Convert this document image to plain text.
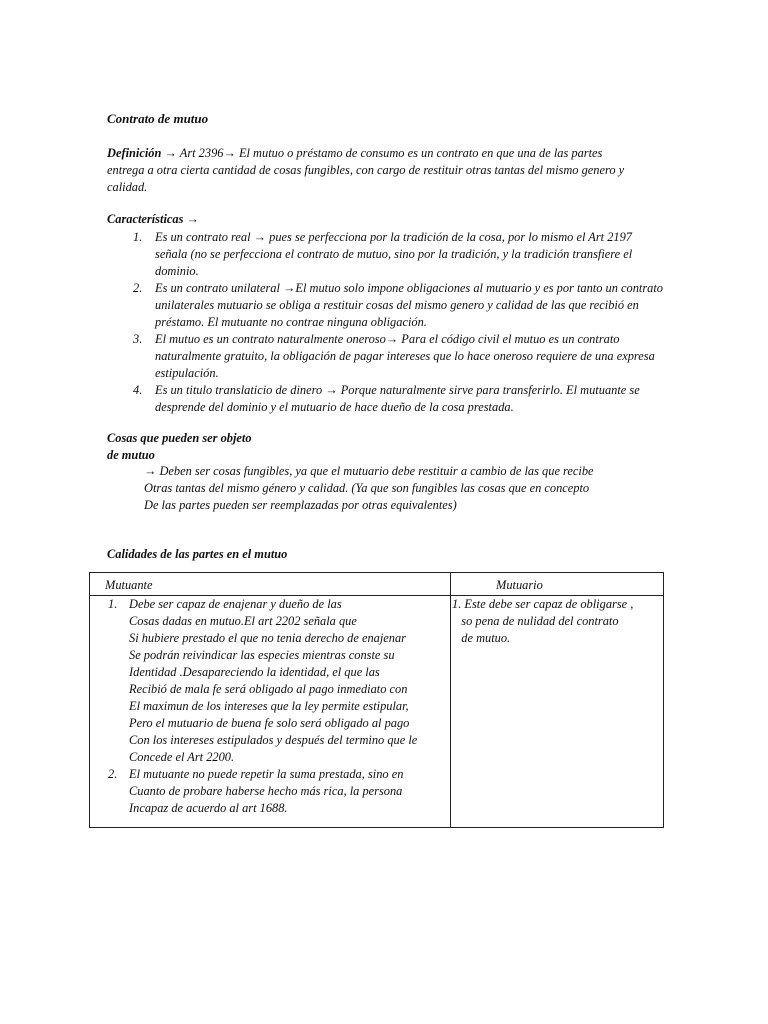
Contrato de mutuo
Definición → Art 2396→ El mutuo o préstamo de consumo es un contrato en que una de las partes entrega a otra cierta cantidad de cosas fungibles, con cargo de restituir otras tantas del mismo genero y calidad.
Características →
1. Es un contrato real → pues se perfecciona por la tradición de la cosa, por lo mismo el Art 2197 señala (no se perfecciona el contrato de mutuo, sino por la tradición, y la tradición transfiere el dominio.
2. Es un contrato unilateral →El mutuo solo impone obligaciones al mutuario y es por tanto un contrato unilaterales mutuario se obliga a restituir cosas del mismo genero y calidad de las que recibió en préstamo. El mutuante no contrae ninguna obligación.
3. El mutuo es un contrato naturalmente oneroso→ Para el código civil el mutuo es un contrato naturalmente gratuito, la obligación de pagar intereses que lo hace oneroso requiere de una expresa estipulación.
4. Es un titulo translaticio de dinero → Porque naturalmente sirve para transferirlo. El mutuante se desprende del dominio y el mutuario de hace dueño de la cosa prestada.
Cosas que pueden ser objeto
de mutuo
→ Deben ser cosas fungibles, ya que el mutuario debe restituir a cambio de las que recibe
Otras tantas del mismo género y calidad. (Ya que son fungibles las cosas que en concepto
De las partes pueden ser reemplazadas por otras equivalentes)
Calidades de las partes en el mutuo
Mutuante	Mutuario
1. Debe ser capaz de enajenar y dueño de las
Cosas dadas en mutuo.El art 2202 señala que
Si hubiere prestado el que no tenia derecho de enajenar
Se podrán reivindicar las especies mientras conste su
Identidad .Desapareciendo la identidad, el que las
Recibió de mala fe será obligado al pago inmediato con
El maximun de los intereses que la ley permite estipular,
Pero el mutuario de buena fe solo será obligado al pago
Con los intereses estipulados y después del termino que le
Concede el Art 2200.
2. El mutuante no puede repetir la suma prestada, sino en
Cuanto de probare haberse hecho más rica, la persona
Incapaz de acuerdo al art 1688.
1. Este debe ser capaz de obligarse ,
so pena de nulidad del contrato
de mutuo.
